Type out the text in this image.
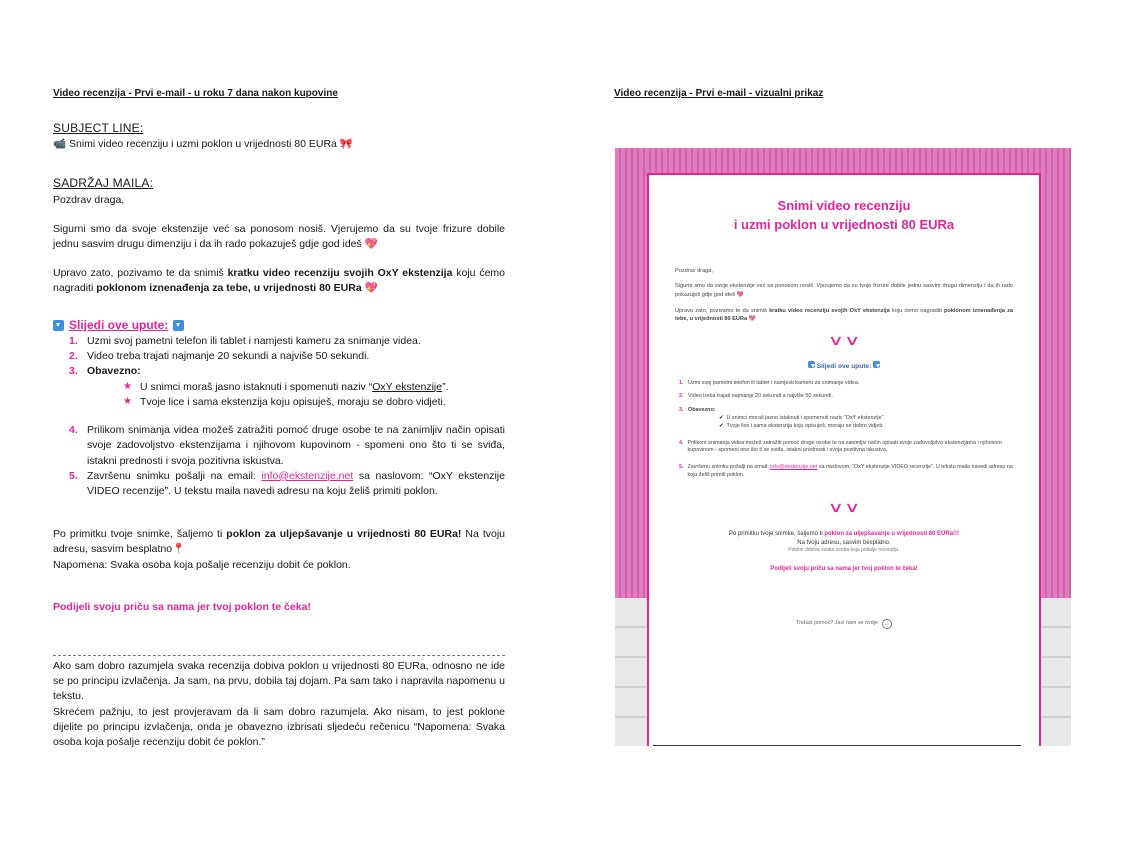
Video recenzija - Prvi e-mail - u roku 7 dana nakon kupovine
SUBJECT LINE:
📹 Snimi video recenziju i uzmi poklon u vrijednosti 80 EURa 🎀
SADRŽAJ MAILA:
Pozdrav draga,
Sigurni smo da svoje ekstenzije već sa ponosom nosiš. Vjerujemo da su tvoje frizure dobile jednu sasvim drugu dimenziju i da ih rado pokazuješ gdje god ideš 💖
Upravo zato, pozivamo te da snimiš kratku video recenziju svojih OxY ekstenzija koju ćemo nagraditi poklonom iznenađenja za tebe, u vrijednosti 80 EURa 💖
Slijedi ove upute:
1. Uzmi svoj pametni telefon ili tablet i namjesti kameru za snimanje videa.
2. Video treba trajati najmanje 20 sekundi a najviše 50 sekundi.
3. Obavezno:
★ U snimci moraš jasno istaknuti i spomenuti naziv “OxY ekstenzije”.
★ Tvoje lice i sama ekstenzija koju opisuješ, moraju se dobro vidjeti.
4. Prilikom snimanja videa možeš zatražiti pomoć druge osobe te na zanimljiv način opisati svoje zadovoljstvo ekstenzijama i njihovom kupovinom - spomeni ono što ti se sviđa, istakni prednosti i svoja pozitivna iskustva.
5. Završenu snimku pošalji na email: info@ekstenzije.net sa naslovom: “OxY ekstenzije VIDEO recenzije”. U tekstu maila navedi adresu na koju želiš primiti poklon.
Po primitku tvoje snimke, šaljemo ti poklon za uljepšavanje u vrijednosti 80 EURa! Na tvoju adresu, sasvim besplatno📍
Napomena: Svaka osoba koja pošalje recenziju dobit će poklon.
Podijeli svoju priču sa nama jer tvoj poklon te čeka!
Ako sam dobro razumjela svaka recenzija dobiva poklon u vrijednosti 80 EURa, odnosno ne ide se po principu izvlačenja. Ja sam, na prvu, dobila taj dojam. Pa sam tako i napravila napomenu u tekstu.
Skrećem pažnju, to jest provjeravam da li sam dobro razumjela. Ako nisam, to jest poklone dijelite po principu izvlačenja, onda je obavezno izbrisati sljedeću rečenicu “Napomena: Svaka osoba koja pošalje recenziju dobit će poklon.”
Video recenzija - Prvi e-mail - vizualni prikaz
Snimi video recenziju
i uzmi poklon u vrijednosti 80 EURa

Pozdrav draga,

Sigurni smo da svoje ekstenzije već sa ponosom nosiš. Vjerujemo da su tvoje frizure dobile jednu sasvim drugu dimenziju i da ih rado pokazuješ gdje god ideš 💖

Upravo zato, pozivamo te da snimiš kratku video recenziju svojih OxY ekstenzija koju ćemo nagraditi poklonom iznenađenja za tebe, u vrijednosti 80 EURa 💖

∨∨
Slijedi ove upute:
1. Uzmi svoj pametni telefon ili tablet i namjesti kameru za snimanje videa.
2. Video treba trajati najmanje 20 sekundi a najviše 50 sekundi.
3. Obavezno:
✔ U snimci moraš jasno istaknuti i spomenuti naziv “OxY ekstenzije”.
✔ Tvoje lice i sama ekstenzija koju opisuješ, moraju se dobro vidjeti.
4. Prilikom snimanja videa možeš zatražiti pomoć druge osobe te na zanimljiv način opisati svoje zadovoljstvo ekstenzijama i njihovom kupovinom - spomeni ono što ti se sviđa, istakni prednosti i svoja pozitivna iskustva.
5. Završenu snimku pošalji na email: info@ekstenzije.net sa naslovom: “OxY ekstenzije VIDEO recenzije”. U tekstu maila navedi adresu na koju želiš primiti poklon.
∨∨
Po primitku tvoje snimke, šaljemo ti poklon za uljepšavanje u vrijednosti 80 EURa!!!
Na tvoju adresu, sasvim besplatno.
Poklon dobiva svaka osoba koja pošalje recenziju.
Podijeli svoju priču sa nama jer tvoj poklon te čeka!
Trebaš pomoć? Javi nam se ovdje	→
